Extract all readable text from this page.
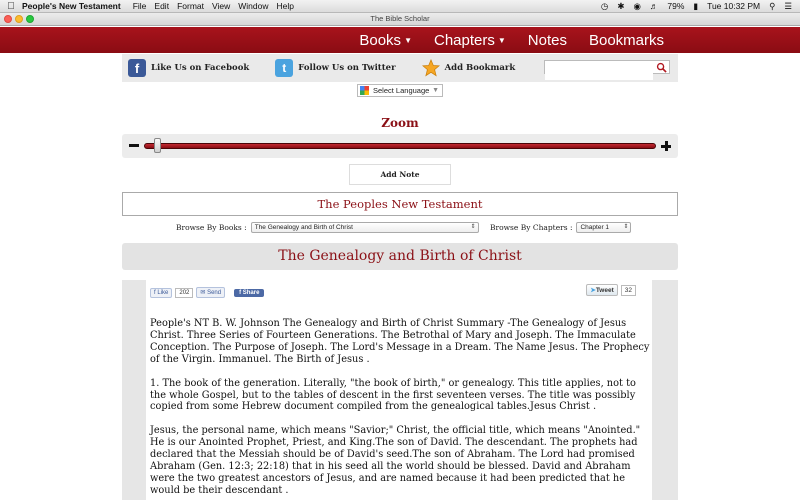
People's New Testament	File Edit Format View Window Help	◷ ✱ ◉ ♬ 79% ▮ Tue 10:32 PM ⚲ ☰
The Bible Scholar
Books ▼ Chapters ▼ Notes Bookmarks
f	Like Us on Facebook	t	Follow Us on Twitter	Add Bookmark
Select Language ▼
Zoom
Add Note
The Peoples New Testament
Browse By Books :	The Genealogy and Birth of Christ	⇕ Browse By Chapters :	Chapter 1 ⇕
The Genealogy and Birth of Christ
f Like	202	✉ Send	f Share	➤Tweet	32

People's NT B. W. Johnson The Genealogy and Birth of Christ Summary -The Genealogy of Jesus Christ. Three Series of Fourteen Generations. The Betrothal of Mary and Joseph. The Immaculate Conception. The Purpose of Joseph. The Lord's Message in a Dream. The Name Jesus. The Prophecy of the Virgin. Immanuel. The Birth of Jesus .

1. The book of the generation. Literally, "the book of birth," or genealogy. This title applies, not to the whole Gospel, but to the tables of descent in the first seventeen verses. The title was possibly copied from some Hebrew document compiled from the genealogical tables.Jesus Christ .

Jesus, the personal name, which means "Savior;" Christ, the official title, which means "Anointed." He is our Anointed Prophet, Priest, and King.The son of David. The descendant. The prophets had declared that the Messiah should be of David's seed.The son of Abraham. The Lord had promised Abraham (Gen. 12:3; 22:18) that in his seed all the world should be blessed. David and Abraham were the two greatest ancestors of Jesus, and are named because it had been predicted that he would be their descendant .
